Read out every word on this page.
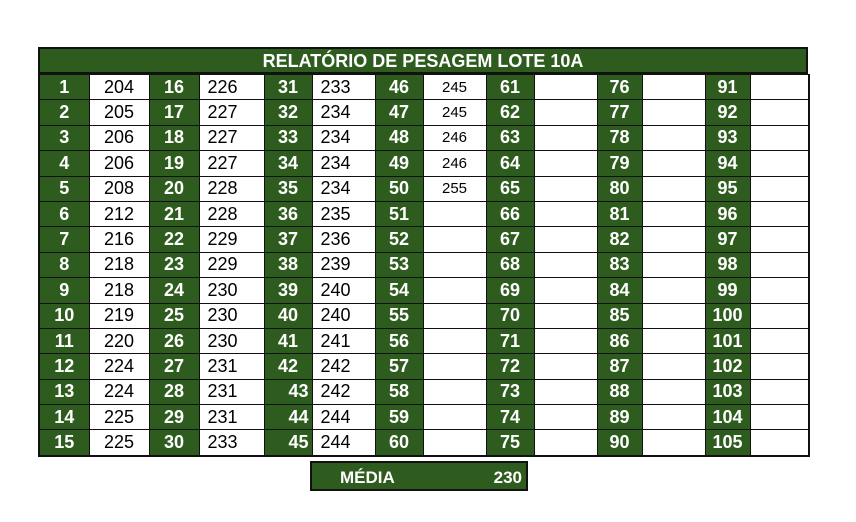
RELATÓRIO DE PESAGEM LOTE 10A
1	204	16	226	31	233	46	245	61		76		91	
2	205	17	227	32	234	47	245	62		77		92	
3	206	18	227	33	234	48	246	63		78		93	
4	206	19	227	34	234	49	246	64		79		94	
5	208	20	228	35	234	50	255	65		80		95	
6	212	21	228	36	235	51		66		81		96	
7	216	22	229	37	236	52		67		82		97	
8	218	23	229	38	239	53		68		83		98	
9	218	24	230	39	240	54		69		84		99	
10	219	25	230	40	240	55		70		85		100	
11	220	26	230	41	241	56		71		86		101	
12	224	27	231	42	242	57		72		87		102	
13	224	28	231	43	242	58		73		88		103	
14	225	29	231	44	244	59		74		89		104	
15	225	30	233	45	244	60		75		90		105	
MÉDIA	230
